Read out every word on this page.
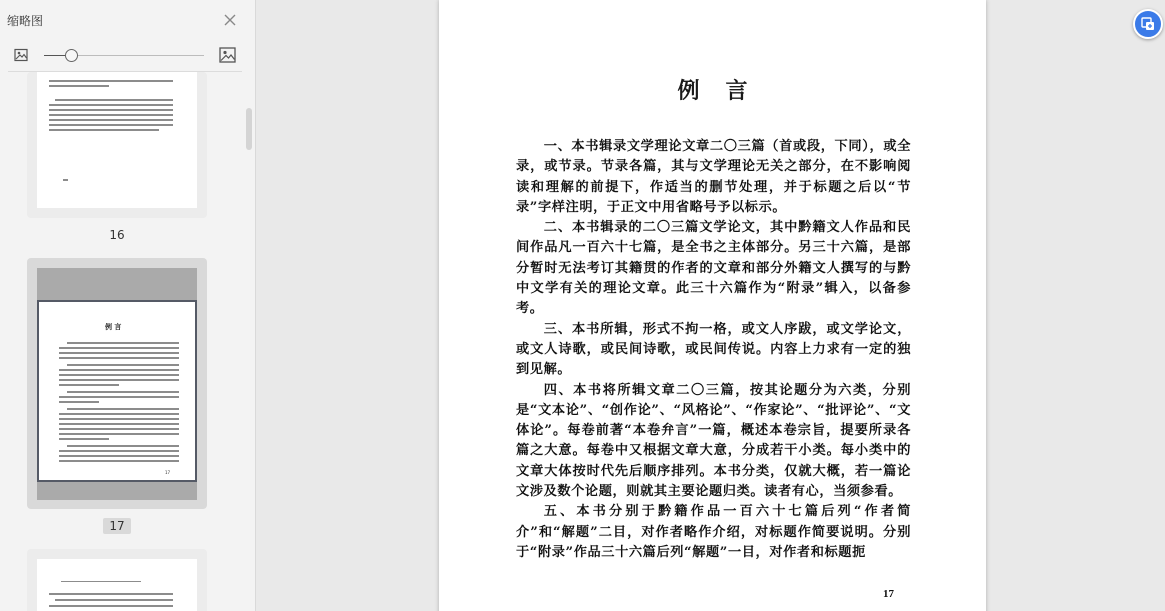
缩略图
16
例 言
17
17
例言

一、本书辑录文学理论文章二〇三篇（首或段，下同），或全录，或节录。节录各篇，其与文学理论无关之部分，在不影响阅读和理解的前提下，作适当的删节处理，并于标题之后以“节录”字样注明，于正文中用省略号予以标示。

二、本书辑录的二〇三篇文学论文，其中黔籍文人作品和民间作品凡一百六十七篇，是全书之主体部分。另三十六篇，是部分暂时无法考订其籍贯的作者的文章和部分外籍文人撰写的与黔中文学有关的理论文章。此三十六篇作为“附录”辑入，以备参考。

三、本书所辑，形式不拘一格，或文人序跋，或文学论文，或文人诗歌，或民间诗歌，或民间传说。内容上力求有一定的独到见解。

四、本书将所辑文章二〇三篇，按其论题分为六类，分别是“文本论”、“创作论”、“风格论”、“作家论”、“批评论”、“文体论”。每卷前著“本卷弁言”一篇，概述本卷宗旨，提要所录各篇之大意。每卷中又根据文章大意，分成若干小类。每小类中的文章大体按时代先后顺序排列。本书分类，仅就大概，若一篇论文涉及数个论题，则就其主要论题归类。读者有心，当须参看。

五、本书分别于黔籍作品一百六十七篇后列“作者简介”和“解题”二目，对作者略作介绍，对标题作简要说明。分别于“附录”作品三十六篇后列“解题”一目，对作者和标题扼

17
